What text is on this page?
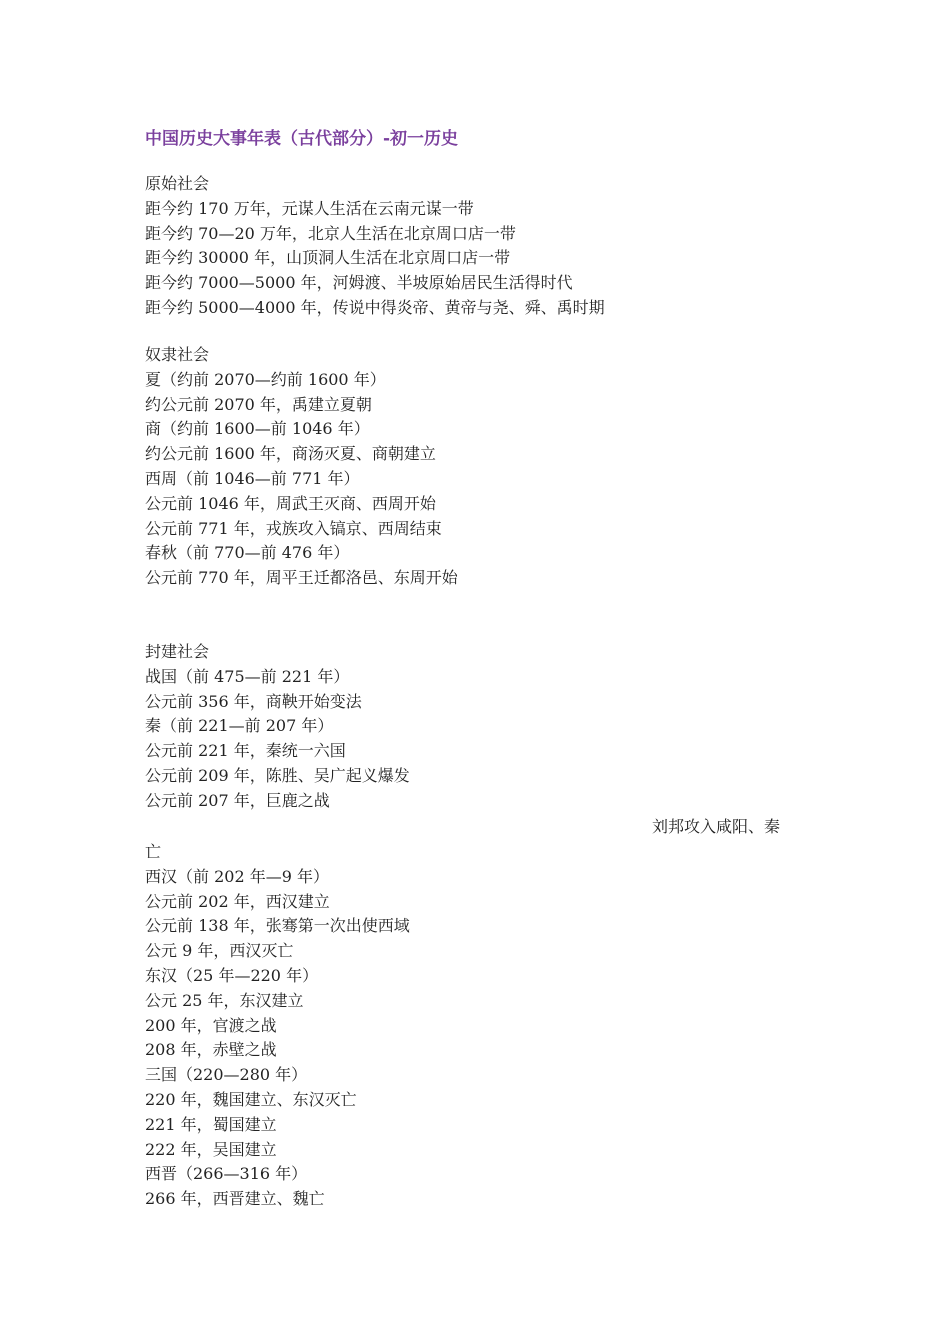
中国历史大事年表（古代部分）-初一历史
原始社会
距今约 170 万年，元谋人生活在云南元谋一带
距今约 70—20 万年，北京人生活在北京周口店一带
距今约 30000 年，山顶洞人生活在北京周口店一带
距今约 7000—5000 年，河姆渡、半坡原始居民生活得时代
距今约 5000—4000 年，传说中得炎帝、黄帝与尧、舜、禹时期
奴隶社会
夏（约前 2070—约前 1600 年）
约公元前 2070 年，禹建立夏朝
商（约前 1600—前 1046 年）
约公元前 1600 年，商汤灭夏、商朝建立
西周（前 1046—前 771 年）
公元前 1046 年，周武王灭商、西周开始
公元前 771 年，戎族攻入镐京、西周结束
春秋（前 770—前 476 年）
公元前 770 年，周平王迁都洛邑、东周开始
封建社会
战国（前 475—前 221 年）
公元前 356 年，商鞅开始变法
秦（前 221—前 207 年）
公元前 221 年，秦统一六国
公元前 209 年，陈胜、吴广起义爆发
公元前 207 年，巨鹿之战
刘邦攻入咸阳、秦
亡
西汉（前 202 年—9 年）
公元前 202 年，西汉建立
公元前 138 年，张骞第一次出使西域
公元 9 年，西汉灭亡
东汉（25 年—220 年）
公元 25 年，东汉建立
200 年，官渡之战
208 年，赤壁之战
三国（220—280 年）
220 年，魏国建立、东汉灭亡
221 年，蜀国建立
222 年，吴国建立
西晋（266—316 年）
266 年，西晋建立、魏亡
